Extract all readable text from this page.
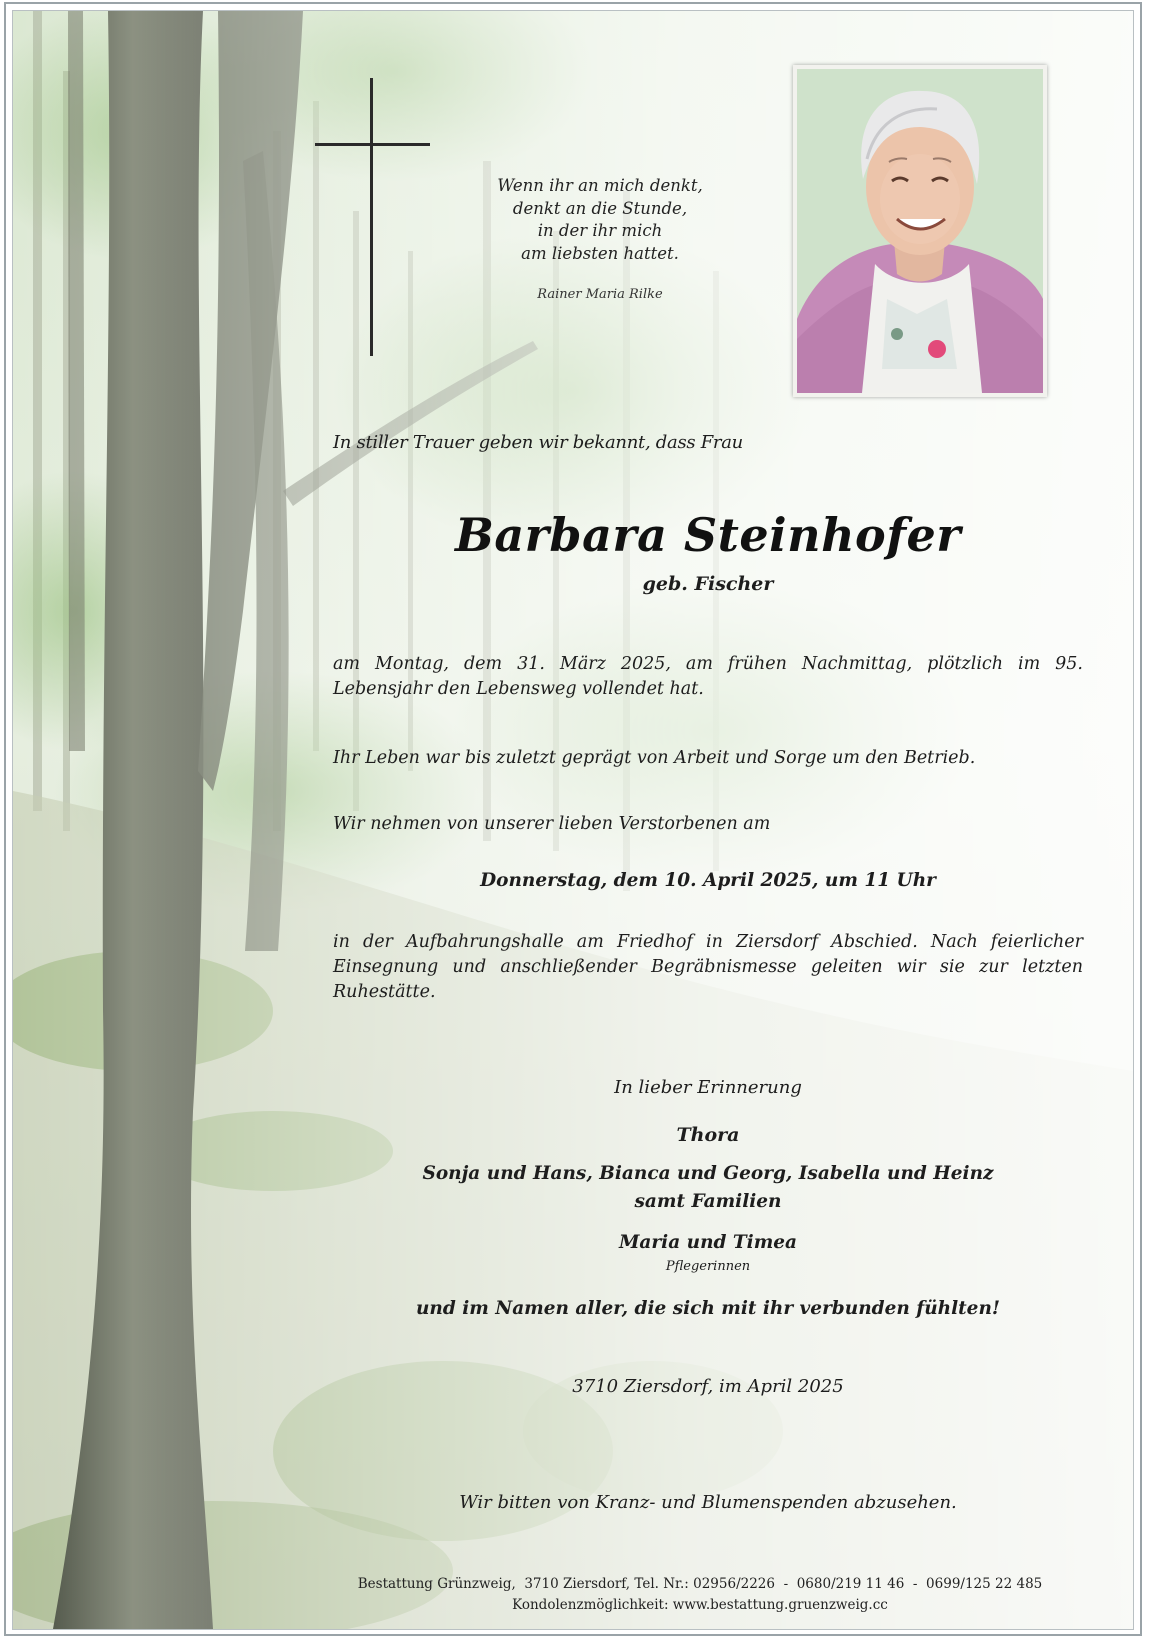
Wenn ihr an mich denkt,
denkt an die Stunde,
in der ihr mich
am liebsten hattet.
Rainer Maria Rilke
In stiller Trauer geben wir bekannt, dass Frau
Barbara Steinhofer
geb. Fischer
am Montag, dem 31. März 2025, am frühen Nachmittag, plötzlich im 95. Lebensjahr den Lebensweg vollendet hat.
Ihr Leben war bis zuletzt geprägt von Arbeit und Sorge um den Betrieb.
Wir nehmen von unserer lieben Verstorbenen am
Donnerstag, dem 10. April 2025, um 11 Uhr
in der Aufbahrungshalle am Friedhof in Ziersdorf Abschied. Nach feierlicher Einsegnung und anschließender Begräbnismesse geleiten wir sie zur letzten Ruhestätte.
In lieber Erinnerung
Thora
Sonja und Hans, Bianca und Georg, Isabella und Heinz
samt Familien
Maria und Timea
Pflegerinnen
und im Namen aller, die sich mit ihr verbunden fühlten!
3710 Ziersdorf, im April 2025
Wir bitten von Kranz- und Blumenspenden abzusehen.
Bestattung Grünzweig,  3710 Ziersdorf, Tel. Nr.: 02956/2226  -  0680/219 11 46  -  0699/125 22 485
Kondolenzmöglichkeit: www.bestattung.gruenzweig.cc
